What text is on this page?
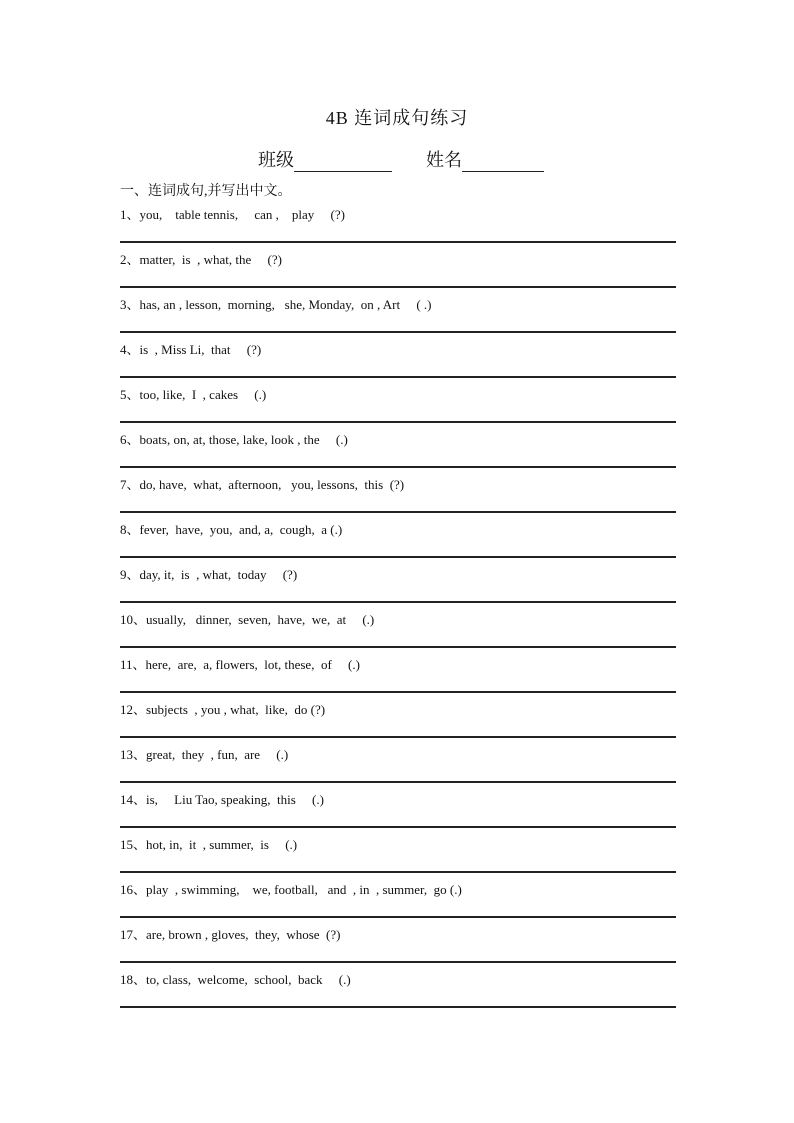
4B 连词成句练习
班级	姓名
一、连词成句,并写出中文。
1、you,    table tennis,     can ,    play     (?)
2、matter,  is  , what, the     (?)
3、has, an , lesson,  morning,   she, Monday,  on , Art     ( .)
4、is  , Miss Li,  that     (?)
5、too, like,  I  , cakes     (.)
6、boats, on, at, those, lake, look , the     (.)
7、do, have,  what,  afternoon,   you, lessons,  this  (?)
8、fever,  have,  you,  and, a,  cough,  a (.)
9、day, it,  is  , what,  today     (?)
10、usually,   dinner,  seven,  have,  we,  at     (.)
11、here,  are,  a, flowers,  lot, these,  of     (.)
12、subjects  , you , what,  like,  do (?)
13、great,  they  , fun,  are     (.)
14、is,     Liu Tao, speaking,  this     (.)
15、hot, in,  it  , summer,  is     (.)
16、play  , swimming,    we, football,   and  , in  , summer,  go (.)
17、are, brown , gloves,  they,  whose  (?)
18、to, class,  welcome,  school,  back     (.)
